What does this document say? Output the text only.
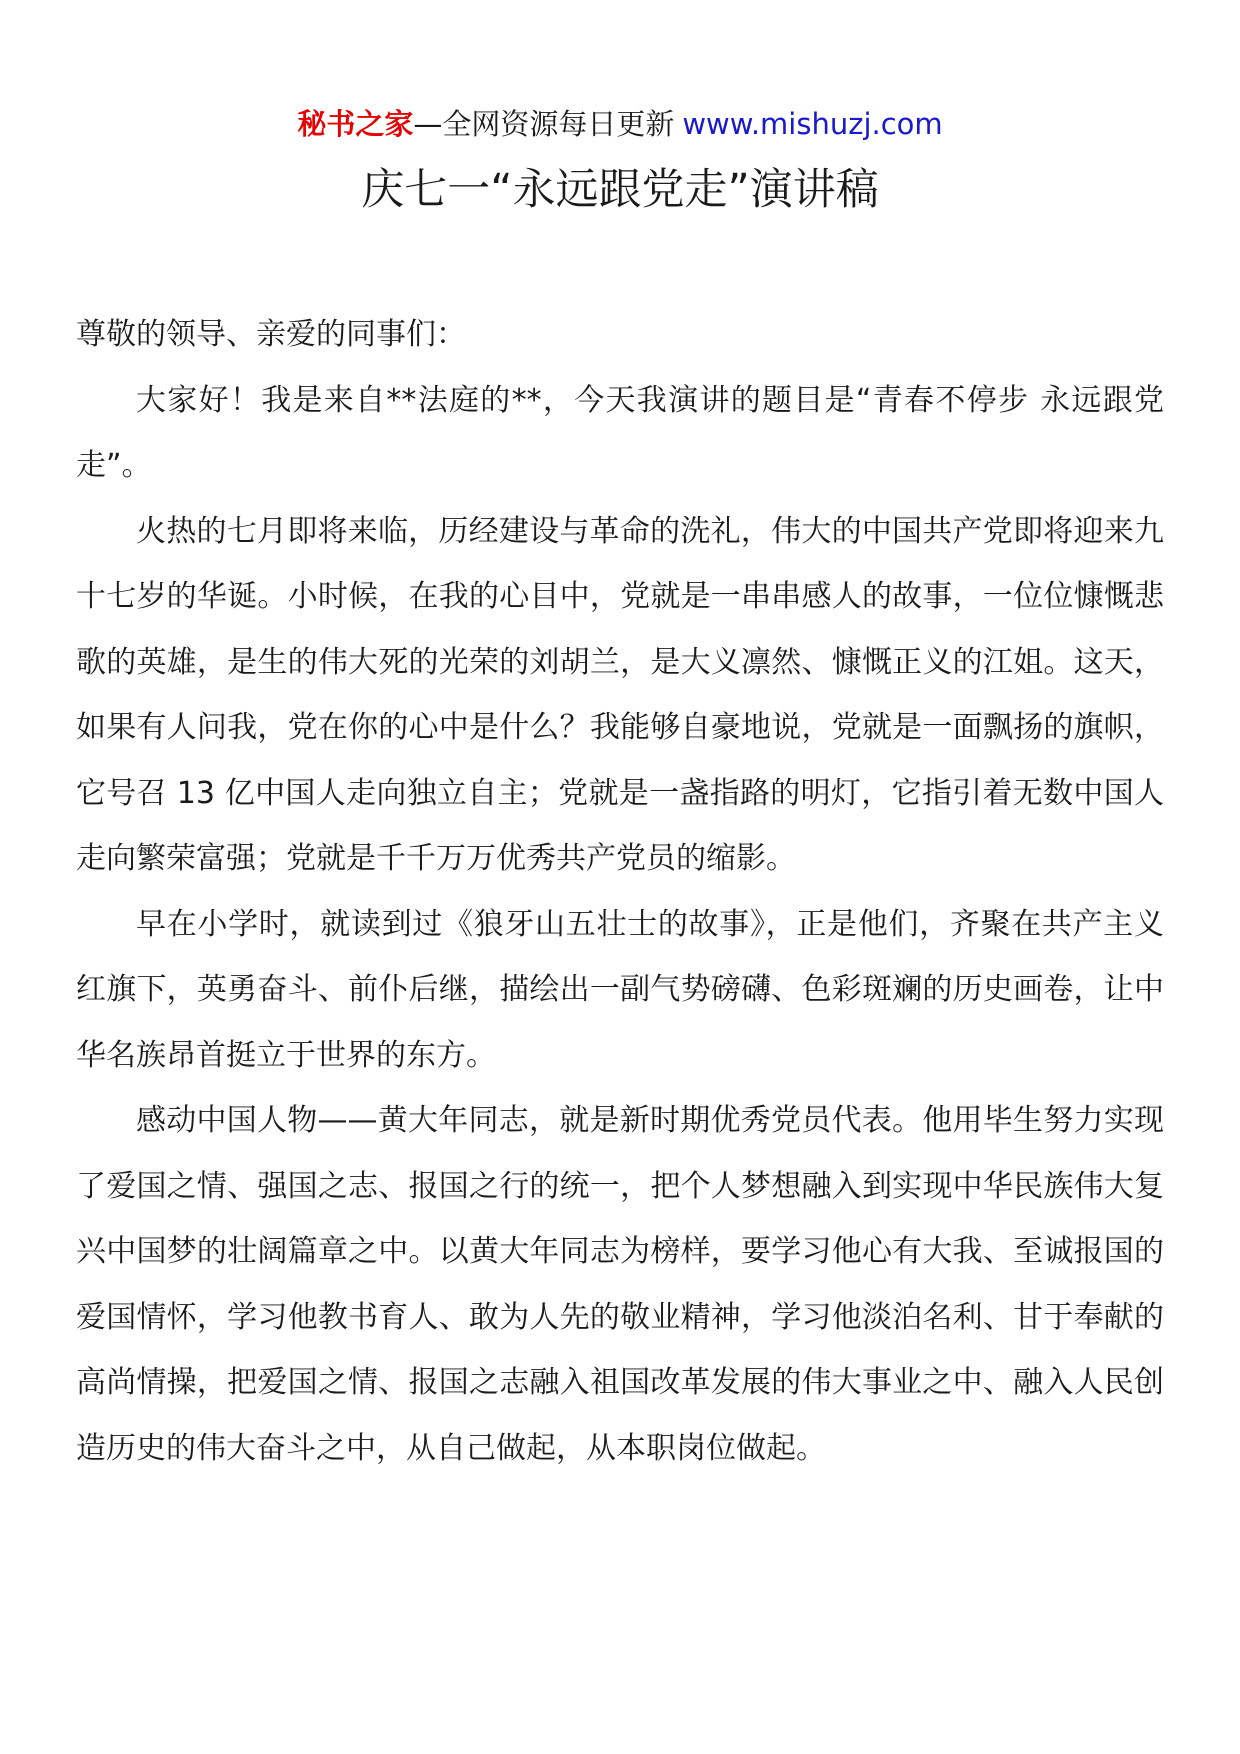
秘书之家—全网资源每日更新 www.mishuzj.com
庆七一“永远跟党走”演讲稿

尊敬的领导、亲爱的同事们：

大家好！我是来自**法庭的**，今天我演讲的题目是“青春不停步 永远跟党走”。

火热的七月即将来临，历经建设与革命的洗礼，伟大的中国共产党即将迎来九十七岁的华诞。小时候，在我的心目中，党就是一串串感人的故事，一位位慷慨悲歌的英雄，是生的伟大死的光荣的刘胡兰，是大义凛然、慷慨正义的江姐。这天，如果有人问我，党在你的心中是什么？我能够自豪地说，党就是一面飘扬的旗帜，它号召 13 亿中国人走向独立自主；党就是一盏指路的明灯，它指引着无数中国人走向繁荣富强；党就是千千万万优秀共产党员的缩影。

早在小学时，就读到过《狼牙山五壮士的故事》，正是他们，齐聚在共产主义红旗下，英勇奋斗、前仆后继，描绘出一副气势磅礴、色彩斑斓的历史画卷，让中华名族昂首挺立于世界的东方。

感动中国人物——黄大年同志，就是新时期优秀党员代表。他用毕生努力实现了爱国之情、强国之志、报国之行的统一，把个人梦想融入到实现中华民族伟大复兴中国梦的壮阔篇章之中。以黄大年同志为榜样，要学习他心有大我、至诚报国的爱国情怀，学习他教书育人、敢为人先的敬业精神，学习他淡泊名利、甘于奉献的高尚情操，把爱国之情、报国之志融入祖国改革发展的伟大事业之中、融入人民创造历史的伟大奋斗之中，从自己做起，从本职岗位做起。
